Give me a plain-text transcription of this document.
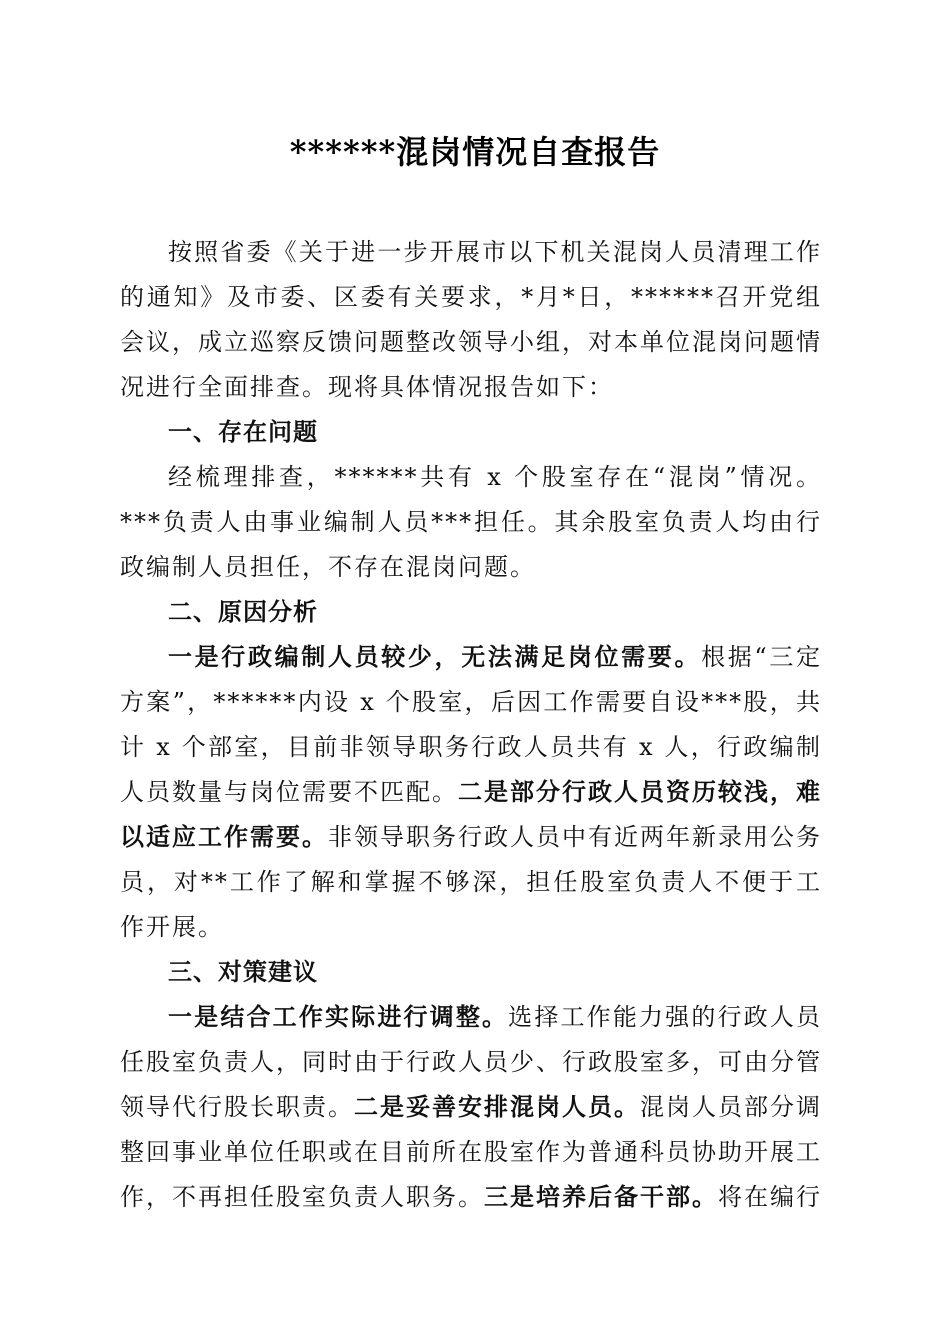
******混岗情况自查报告

按照省委《关于进一步开展市以下机关混岗人员清理工作的通知》及市委、区委有关要求，*月*日，******召开党组会议，成立巡察反馈问题整改领导小组，对本单位混岗问题情况进行全面排查。现将具体情况报告如下：

一、存在问题

经梳理排查，******共有 x 个股室存在“混岗”情况。***负责人由事业编制人员***担任。其余股室负责人均由行政编制人员担任，不存在混岗问题。

二、原因分析

一是行政编制人员较少，无法满足岗位需要。根据“三定方案”，******内设 x 个股室，后因工作需要自设***股，共计 x 个部室，目前非领导职务行政人员共有 x 人，行政编制人员数量与岗位需要不匹配。二是部分行政人员资历较浅，难以适应工作需要。非领导职务行政人员中有近两年新录用公务员，对**工作了解和掌握不够深，担任股室负责人不便于工作开展。

三、对策建议

一是结合工作实际进行调整。选择工作能力强的行政人员任股室负责人，同时由于行政人员少、行政股室多，可由分管领导代行股长职责。二是妥善安排混岗人员。混岗人员部分调整回事业单位任职或在目前所在股室作为普通科员协助开展工作，不再担任股室负责人职务。三是培养后备干部。将在编行
